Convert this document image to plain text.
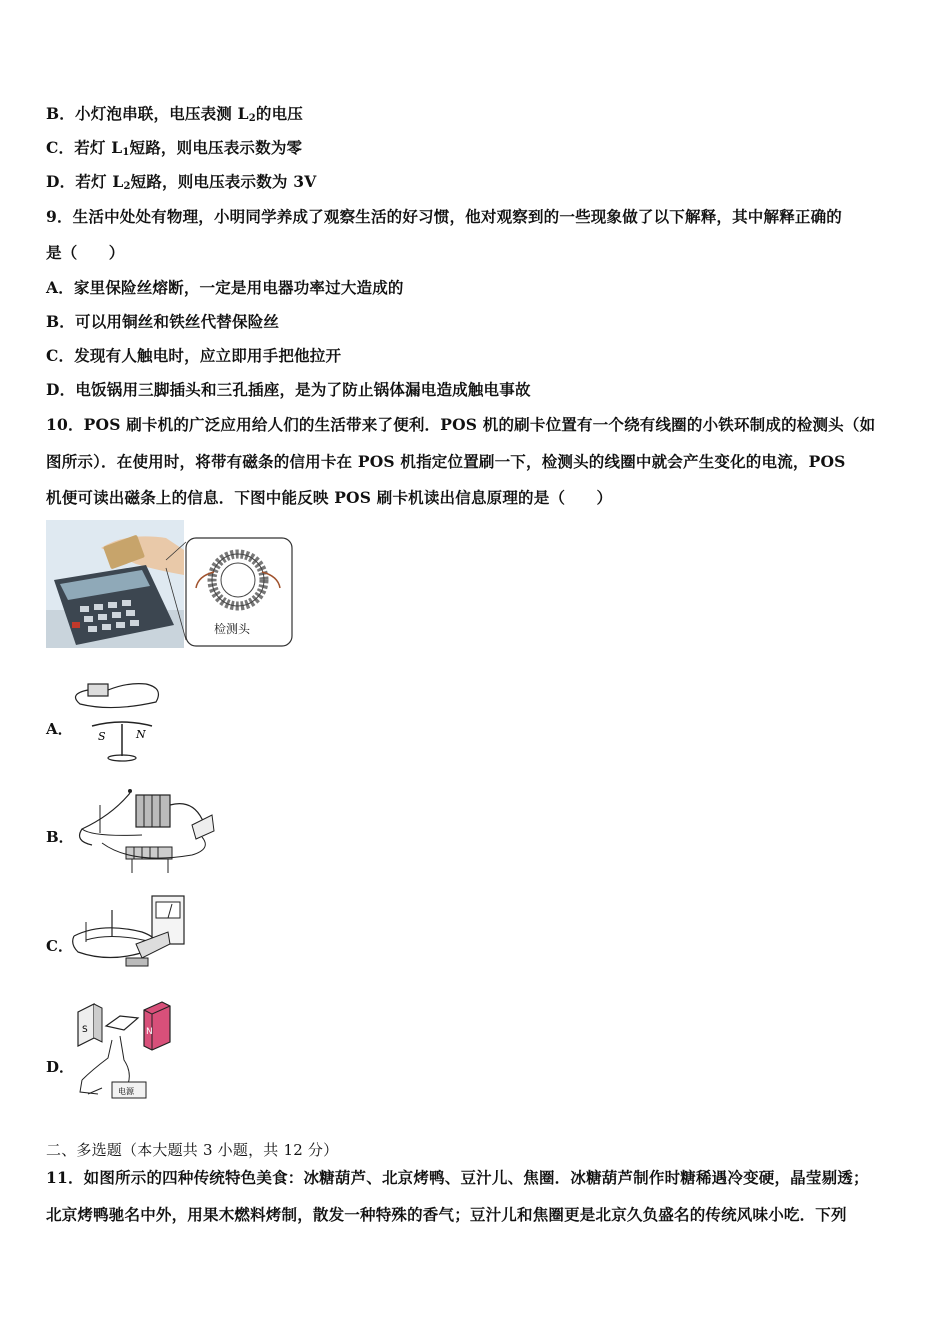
B．小灯泡串联，电压表测 $L_2$的电压
C．若灯 $L_1$短路，则电压表示数为零
D．若灯 $L_2$短路，则电压表示数为 3V
9．生活中处处有物理，小明同学养成了观察生活的好习惯，他对观察到的一些现象做了以下解释，其中解释正确的
是（　　）
A．家里保险丝熔断，一定是用电器功率过大造成的
B．可以用铜丝和铁丝代替保险丝
C．发现有人触电时，应立即用手把他拉开
D．电饭锅用三脚插头和三孔插座，是为了防止锅体漏电造成触电事故
10．POS 刷卡机的广泛应用给人们的生活带来了便利．POS 机的刷卡位置有一个绕有线圈的小铁环制成的检测头（如
图所示）．在使用时，将带有磁条的信用卡在 POS 机指定位置刷一下，检测头的线圈中就会产生变化的电流，POS
机便可读出磁条上的信息．下图中能反映 POS 刷卡机读出信息原理的是（　　）
检测头
A． S	N
B．
C．
D．
S	N
电源
二、多选题（本大题共 3 小题，共 12 分）
11．如图所示的四种传统特色美食：冰糖葫芦、北京烤鸭、豆汁儿、焦圈．冰糖葫芦制作时糖稀遇冷变硬，晶莹剔透；
北京烤鸭驰名中外，用果木燃料烤制，散发一种特殊的香气；豆汁儿和焦圈更是北京久负盛名的传统风味小吃．下列
